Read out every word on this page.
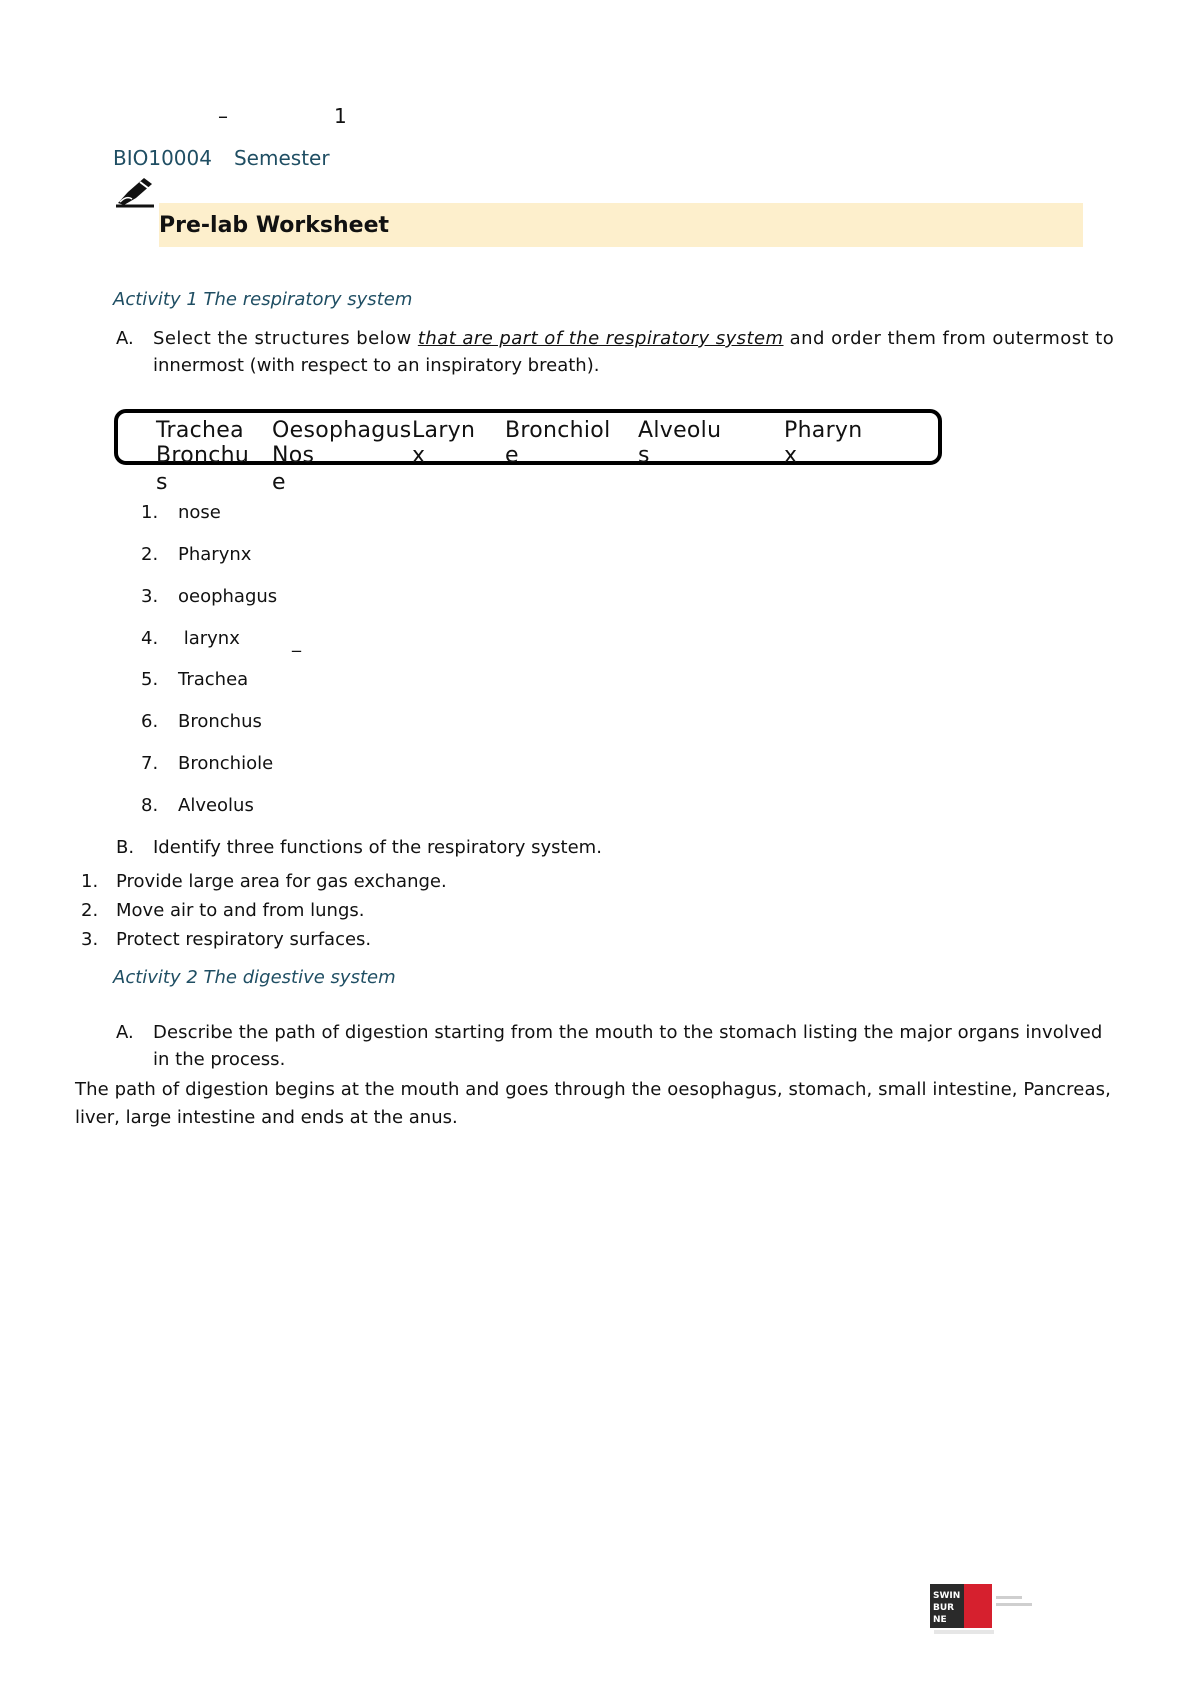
–	1
BIO10004 Semester
Pre-lab Worksheet
Activity 1 The respiratory system
A. Select the structures below that are part of the respiratory system and order them from outermost to
innermost (with respect to an inspiratory breath).
Trachea Oesophagus Laryn Bronchiol Alveolu	Pharyn
Bronchu Nos	x	e	s	x
s	e
1. nose
2. Pharynx
3. oeophagus
4. larynx	_
5. Trachea
6. Bronchus
7. Bronchiole
8. Alveolus
B. Identify three functions of the respiratory system.
1. Provide large area for gas exchange.
2. Move air to and from lungs.
3. Protect respiratory surfaces.
Activity 2 The digestive system
A. Describe the path of digestion starting from the mouth to the stomach listing the major organs involved
in the process.
The path of digestion begins at the mouth and goes through the oesophagus, stomach, small intestine, Pancreas,
liver, large intestine and ends at the anus.
SWIN
BUR
NE
